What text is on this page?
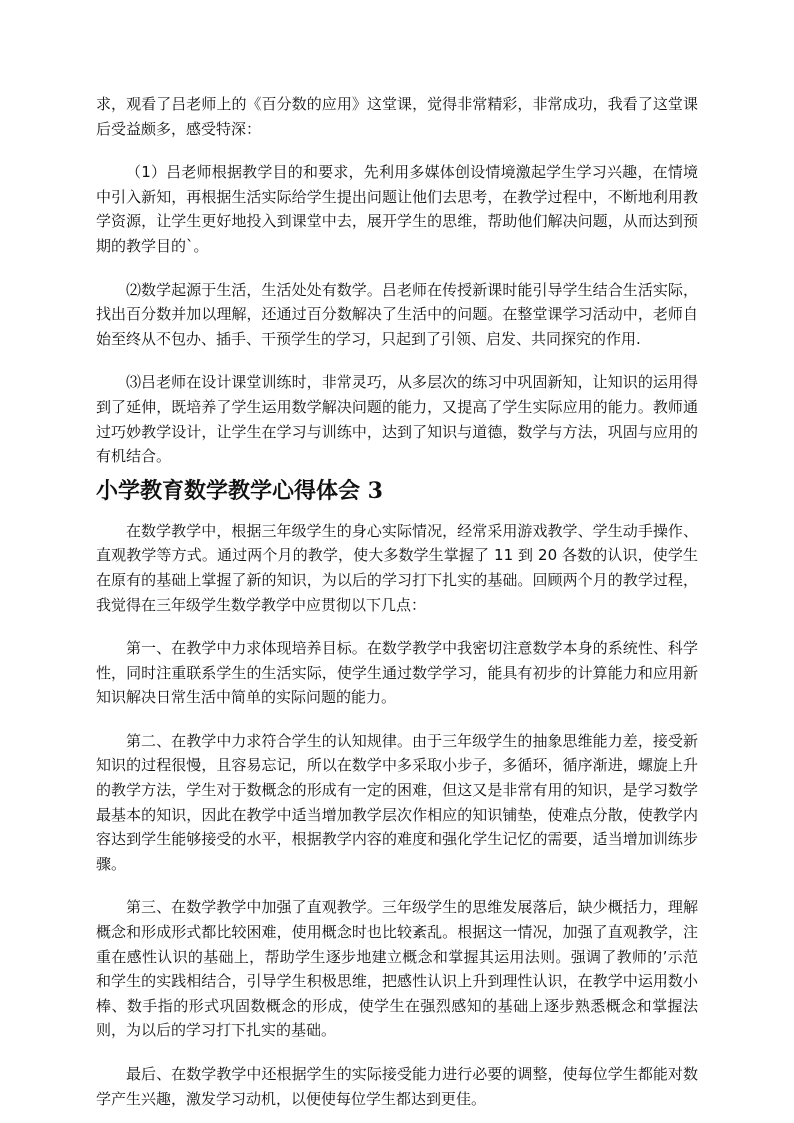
求，观看了吕老师上的《百分数的应用》这堂课，觉得非常精彩，非常成功，我看了这堂课后受益颇多，感受特深：

（1）吕老师根据教学目的和要求，先利用多媒体创设情境激起学生学习兴趣，在情境中引入新知，再根据生活实际给学生提出问题让他们去思考，在教学过程中，不断地利用教学资源，让学生更好地投入到课堂中去，展开学生的思维，帮助他们解决问题，从而达到预期的教学目的`。

⑵数学起源于生活，生活处处有数学。吕老师在传授新课时能引导学生结合生活实际，找出百分数并加以理解，还通过百分数解决了生活中的问题。在整堂课学习活动中，老师自始至终从不包办、插手、干预学生的学习，只起到了引领、启发、共同探究的作用.

⑶吕老师在设计课堂训练时，非常灵巧，从多层次的练习中巩固新知，让知识的运用得到了延伸，既培养了学生运用数学解决问题的能力，又提高了学生实际应用的能力。教师通过巧妙教学设计，让学生在学习与训练中，达到了知识与道德，数学与方法，巩固与应用的有机结合。

小学教育数学教学心得体会 3

在数学教学中，根据三年级学生的身心实际情况，经常采用游戏教学、学生动手操作、直观教学等方式。通过两个月的教学，使大多数学生掌握了 11 到 20 各数的认识，使学生在原有的基础上掌握了新的知识，为以后的学习打下扎实的基础。回顾两个月的教学过程，我觉得在三年级学生数学教学中应贯彻以下几点：

第一、在教学中力求体现培养目标。在数学教学中我密切注意数学本身的系统性、科学性，同时注重联系学生的生活实际，使学生通过数学学习，能具有初步的计算能力和应用新知识解决日常生活中简单的实际问题的能力。

第二、在教学中力求符合学生的认知规律。由于三年级学生的抽象思维能力差，接受新知识的过程很慢，且容易忘记，所以在数学中多采取小步子，多循环，循序渐进，螺旋上升的教学方法，学生对于数概念的形成有一定的困难，但这又是非常有用的知识，是学习数学最基本的知识，因此在教学中适当增加教学层次作相应的知识铺垫，使难点分散，使教学内容达到学生能够接受的水平，根据教学内容的难度和强化学生记忆的需要，适当增加训练步骤。

第三、在数学教学中加强了直观教学。三年级学生的思维发展落后，缺少概括力，理解概念和形成形式都比较困难，使用概念时也比较紊乱。根据这一情况，加强了直观教学，注重在感性认识的基础上，帮助学生逐步地建立概念和掌握其运用法则。强调了教师的’示范和学生的实践相结合，引导学生积极思维，把感性认识上升到理性认识，在教学中运用数小棒、数手指的形式巩固数概念的形成，使学生在强烈感知的基础上逐步熟悉概念和掌握法则，为以后的学习打下扎实的基础。

最后、在数学教学中还根据学生的实际接受能力进行必要的调整，使每位学生都能对数学产生兴趣，激发学习动机，以便使每位学生都达到更佳。
